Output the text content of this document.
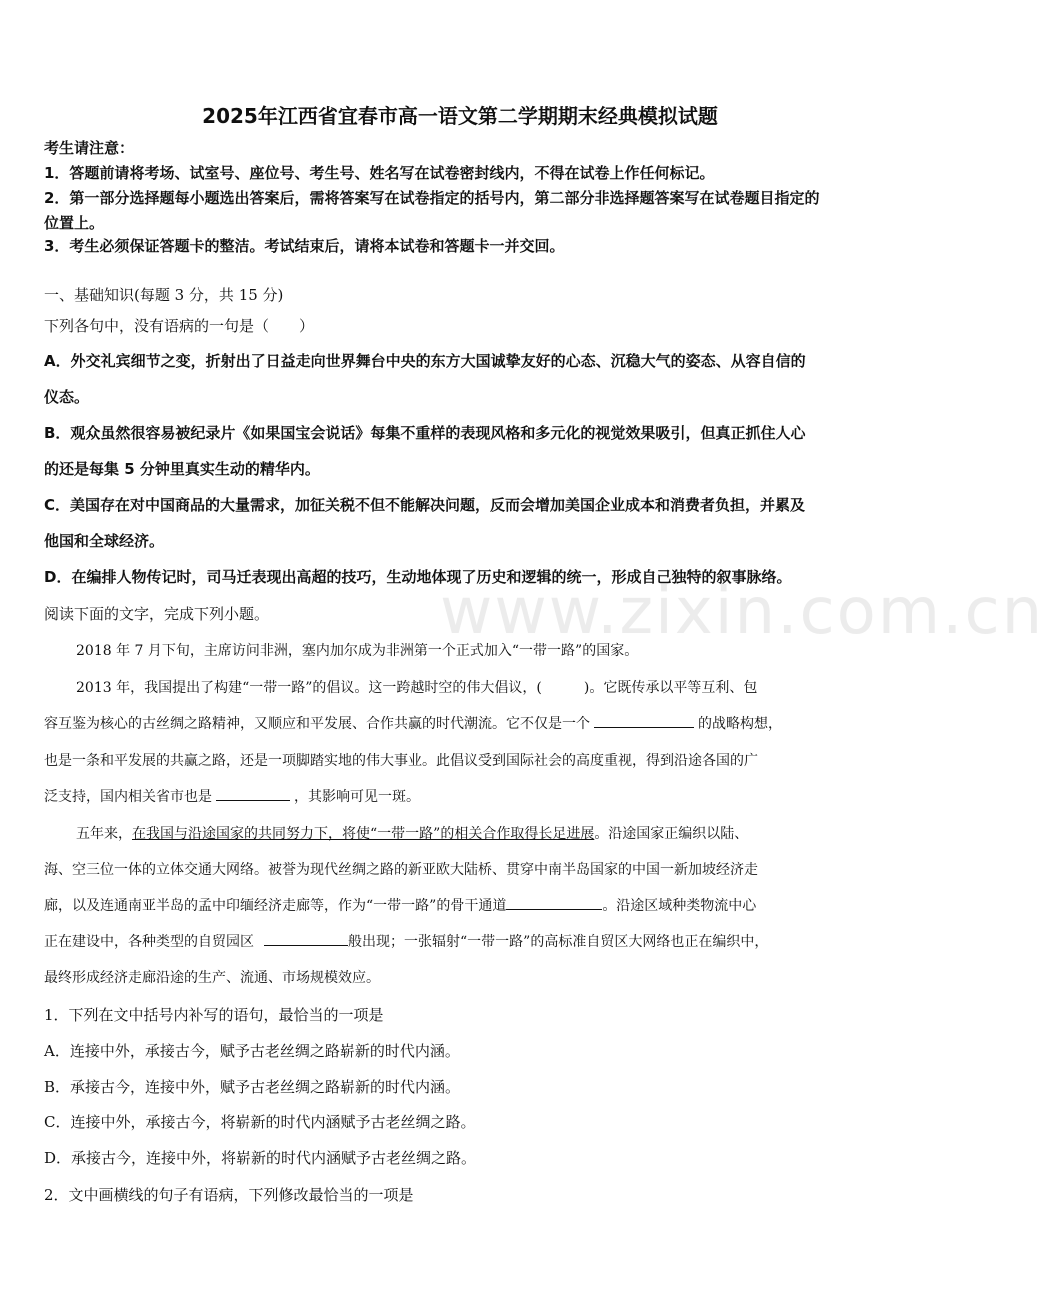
www.zixin.com.cn
2025年江西省宜春市高一语文第二学期期末经典模拟试题
考生请注意：
1．答题前请将考场、试室号、座位号、考生号、姓名写在试卷密封线内，不得在试卷上作任何标记。
2．第一部分选择题每小题选出答案后，需将答案写在试卷指定的括号内，第二部分非选择题答案写在试卷题目指定的
位置上。
3．考生必须保证答题卡的整洁。考试结束后，请将本试卷和答题卡一并交回。
一、基础知识(每题 3 分，共 15 分)
下列各句中，没有语病的一句是（　　）
A．外交礼宾细节之变，折射出了日益走向世界舞台中央的东方大国诚挚友好的心态、沉稳大气的姿态、从容自信的
仪态。
B．观众虽然很容易被纪录片《如果国宝会说话》每集不重样的表现风格和多元化的视觉效果吸引，但真正抓住人心
的还是每集 5 分钟里真实生动的精华内。
C．美国存在对中国商品的大量需求，加征关税不但不能解决问题，反而会增加美国企业成本和消费者负担，并累及
他国和全球经济。
D．在编排人物传记时，司马迁表现出高超的技巧，生动地体现了历史和逻辑的统一，形成自己独特的叙事脉络。
阅读下面的文字，完成下列小题。
2018 年 7 月下旬，主席访问非洲，塞内加尔成为非洲第一个正式加入“一带一路”的国家。
2013 年，我国提出了构建“一带一路”的倡议。这一跨越时空的伟大倡议，(　　　)。它既传承以平等互利、包
容互鉴为核心的古丝绸之路精神，又顺应和平发展、合作共赢的时代潮流。它不仅是一个	的战略构想，
也是一条和平发展的共赢之路，还是一项脚踏实地的伟大事业。此倡议受到国际社会的高度重视，得到沿途各国的广
泛支持，国内相关省市也是	，其影响可见一斑。
五年来，在我国与沿途国家的共同努力下，将使“一带一路”的相关合作取得长足进展。沿途国家正编织以陆、
海、空三位一体的立体交通大网络。被誉为现代丝绸之路的新亚欧大陆桥、贯穿中南半岛国家的中国一新加坡经济走
廊，以及连通南亚半岛的孟中印缅经济走廊等，作为“一带一路”的骨干通道	。沿途区域种类物流中心
正在建设中，各种类型的自贸园区	般出现；一张辐射“一带一路”的高标准自贸区大网络也正在编织中，
最终形成经济走廊沿途的生产、流通、市场规模效应。
1．下列在文中括号内补写的语句，最恰当的一项是
A．连接中外，承接古今，赋予古老丝绸之路崭新的时代内涵。
B．承接古今，连接中外，赋予古老丝绸之路崭新的时代内涵。
C．连接中外，承接古今，将崭新的时代内涵赋予古老丝绸之路。
D．承接古今，连接中外，将崭新的时代内涵赋予古老丝绸之路。
2．文中画横线的句子有语病，下列修改最恰当的一项是
